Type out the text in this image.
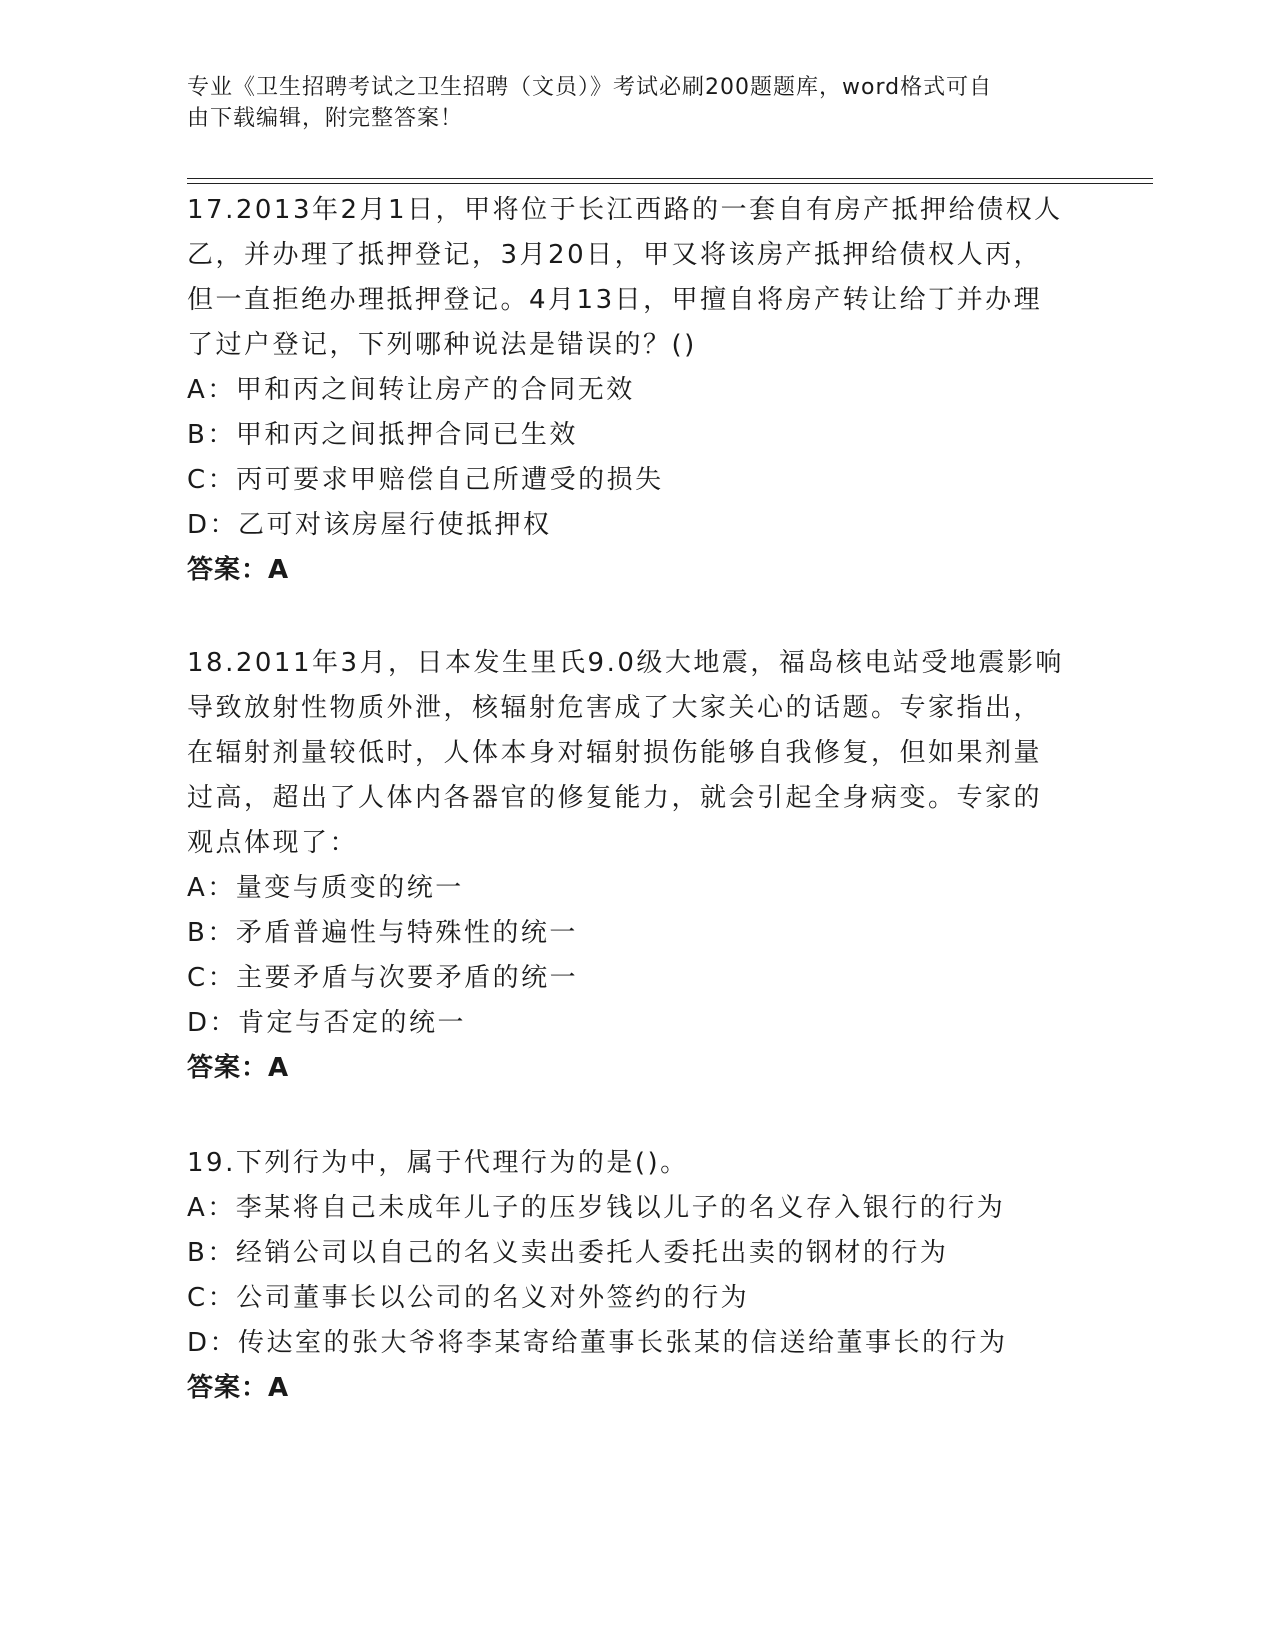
专业《卫生招聘考试之卫生招聘（文员）》考试必刷200题题库，word格式可自
由下载编辑，附完整答案！
17.2013年2月1日，甲将位于长江西路的一套自有房产抵押给债权人
乙，并办理了抵押登记，3月20日，甲又将该房产抵押给债权人丙，
但一直拒绝办理抵押登记。4月13日，甲擅自将房产转让给丁并办理
了过户登记，下列哪种说法是错误的？()
A：甲和丙之间转让房产的合同无效
B：甲和丙之间抵押合同已生效
C：丙可要求甲赔偿自己所遭受的损失
D：乙可对该房屋行使抵押权
答案：A
18.2011年3月，日本发生里氏9.0级大地震，福岛核电站受地震影响
导致放射性物质外泄，核辐射危害成了大家关心的话题。专家指出，
在辐射剂量较低时，人体本身对辐射损伤能够自我修复，但如果剂量
过高，超出了人体内各器官的修复能力，就会引起全身病变。专家的
观点体现了：
A：量变与质变的统一
B：矛盾普遍性与特殊性的统一
C：主要矛盾与次要矛盾的统一
D：肯定与否定的统一
答案：A
19.下列行为中，属于代理行为的是()。
A：李某将自己未成年儿子的压岁钱以儿子的名义存入银行的行为
B：经销公司以自己的名义卖出委托人委托出卖的钢材的行为
C：公司董事长以公司的名义对外签约的行为
D：传达室的张大爷将李某寄给董事长张某的信送给董事长的行为
答案：A
